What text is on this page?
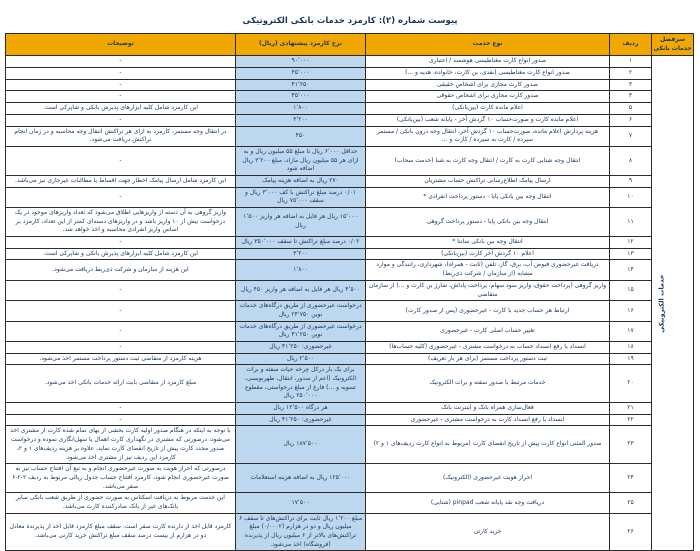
پیوست شماره (۲): کارمزد خدمات بانکی الکترونیکی
سرفصل خدمات بانکی	ردیف	نوع خدمت	نرخ کارمزد پیشنهادی (ریال)	توضیحات
خدمات الکترونیکی	۱	صدور انواع کارت مغناطیسی هوشمند / اعتباری	۹۰٬۰۰۰	-
	۲	صدور انواع کارت مغناطیسی (نقدی، بن کارت، خانواده، هدیه و ...)	۴۵٬۰۰۰	-
	۳	صدور کارت مجازی برای اشخاص حقیقی	۴۱٬۲۵۰	-
	۴	صدور کارت مجازی برای اشخاص حقوقی	۴۵٬۰۰۰	-
	۵	اعلام مانده کارت (بین‌بانکی)	۱٬۸۰۰	این کارمزد شامل کلیه ابزارهای پذیرش بانکی و شاپرکی است.
	۶	اعلام مانده کارت و صورت‌حساب ۱۰ گردش آخر - پایانه شعب (بین‌بانکی)	۳٬۲۰۰	-
	۷	هزینه پردازش اعلام مانده، صورت‌حساب ۱۰ گردش آخر، انتقال وجه درون بانکی / مستمر سپرده / کارت به سپرده / کارت و ...	۴۵۰	در انتقال وجه مستمر، کارمزد به ازای هر تراکنش انتقال وجه محاسبه و در زمان انجام تراکنش دریافت می‌شود.
	۸	انتقال وجه شتابی کارت به کارت / انتقال وجه کارت به شبا (خدمت سحاب)	حداقل ۶٬۰۰۰ ریال تا مبلغ ۵۵ میلیون ریال و به ازای هر ۵۵ میلیون ریال مازاد، مبلغ ۳٬۲۰۰ ریال اضافه شود	-
	۹	ارسال پیامک اطلاع‌رسانی تراکنش حساب مشتریان	۲۷۰ ریال به اضافه هزینه پیامک	این کارمزد شامل ارسال پیامک اخطار جهت اقساط یا مطالبات غیرجاری نیز می‌باشد.
	۱۰	انتقال وجه بین بانکی پایا - دستور پرداخت انفرادی *	۰/۰۱ درصد مبلغ تراکنش با کف ۳٬۰۰۰ ریال و سقف ۷۵٬۰۰۰ ریال	-
	۱۱	انتقال وجه بین بانکی پایا - دستور پرداخت گروهی	۱۵٬۰۰۰ ریال هر فایل به اضافه هر واریز ۱٬۵۰۰ ریال	واریز گروهی به آن دسته از واریزهایی اطلاق می‌شود که تعداد واریزهای موجود در یک درخواست بیش از ۱۰ واریز باشد و در واریزهای دسته‌ای کمتر از این تعداد، کارمزد بر اساس واریز انفرادی محاسبه و اخذ خواهد شد.
	۱۲	انتقال وجه بین بانکی ساتنا *	۰/۰۲ درصد مبلغ تراکنش تا سقف ۳۵۰٬۰۰۰ ریال	-
	۱۳	اعلام ۱۰ گردش آخر کارت (بین‌بانکی)	۳٬۲۰۰	این کارمزد شامل کلیه ابزارهای پذیرش بانکی و شاپرکی است.
	۱۴	دریافت غیرحضوری قبوض آب، برق، گاز، تلفن (ثابت - همراه)، شهرداری، رانندگی و موارد مشابه (از سازمان / شرکت ذی‌ربط)	۱٬۸۰۰	این هزینه از سازمان و شرکت ذی‌ربط دریافت می‌شود.
	۱۵	واریز گروهی (پرداخت حقوق، واریز سود سهام، پرداخت پاداش، شارژ بن کارت و ...) از سازمان متقاضی	۴٬۵۰۰ ریال هر فایل به اضافه هر واریز ۴۵۰ ریال	-
	۱۶	ارتباط هر حساب جدید با کارت - غیرحضوری (پس از صدور کارت)	درخواست غیرحضوری از طریق درگاه‌های خدمات نوین ۲۴٬۷۵۰ ریال	-
	۱۷	تغییر حساب اصلی کارت - غیرحضوری	درخواست غیرحضوری از طریق درگاه‌های خدمات نوین ۴۱٬۲۵۰ ریال	-
	۱۸	انسداد یا رفع انسداد حساب به درخواست مشتری - غیرحضوری (کلیه حساب‌ها)	غیرحضوری: ۴۱٬۲۵۰ ریال	-
	۱۹	ثبت دستور پرداخت مستمر (برای هر بار تعریف)	۲٬۵۰۰ ریال	هزینه کارمزد از متقاضی ثبت دستور پرداخت مستمر اخذ می‌شود.
	۲۰	خدمات مرتبط با صدور سفته و برات الکترونیک	برای یک بار درکل چرخه حیات سفته و برات الکترونیک (اعم از صدور، انتقال، ظهرنویسی، تسویه و ...) فارغ از مبلغ درخواستی، مقطوع ۲۵۰٬۰۰۰ ریال	مبلغ کارمزد از متقاضی بابت ارائه خدمات بانکی اخذ می‌شود.
	۲۱	فعال‌سازی همراه بانک و اینترنت بانک	هر درگاه ۱۲٬۵۰۰ ریال	-
	۲۲	انسداد یا رفع انسداد کارت به درخواست مشتری - غیرحضوری	غیرحضوری: ۴۱٬۲۵۰ ریال	-
	۲۳	صدور المثنی انواع کارت پیش از تاریخ انقضای کارت (مربوط به انواع کارت ردیف‌های ۱ و ۲)	۱۸۷٬۵۰۰ ریال	با توجه به اینکه در هنگام صدور اولیه کارت بخشی از بهای تمام شده کارت از مشتری اخذ می‌شود، درصورتی که مشتری در نگهداری کارت اهمال یا سهل‌انگاری نموده و درخواست صدور مجدد کارت پیش از تاریخ انقضای کارت نماید، علاوه بر هزینه ردیف‌های ۱ و ۲، کارمزد این ردیف نیز از مشتری اخذ می‌شود.
	۲۴	احراز هویت غیرحضوری (الکترونیک)	۱۲۵٬۰۰۰ ریال به اضافه هزینه استعلامات	درصورتی که احراز هویت به صورت غیرحضوری انجام و به تبع آن افتتاح حساب نیز به صورت غیرحضوری انجام شود، کارمزد افتتاح حساب جدول ریالی مربوط به ردیف ۲-۲-۶ صفر می‌باشد.
	۲۵	دریافت وجه نقد پایانه شعب pinpad (شتابی)	۱۷٬۵۰۰	این خدمت مربوط به دریافت اسکناس به صورت حضوری از طریق شعب بانکی سایر بانک‌های غیر از بانک صادرکننده کارت می‌باشد.
	۲۶	خرید کارتی	مبلغ ۱٬۲۰۰ ریال ثابت برای تراکنش‌های تا سقف ۶ میلیون ریال و دو در هزارم (۰/۰۰۰۲) مبلغ تراکنش‌های بالاتر از ۶ میلیون ریال از پذیرنده (فروشگاه) اخذ می‌شود.	کارمزد قابل اخذ از دارنده کارت صفر است. سقف مبلغ کارمزد قابل اخذ از پذیرنده معادل دو در هزارم از بیست درصد سقف مبلغ تراکنش خرید کارتی می‌باشد.
